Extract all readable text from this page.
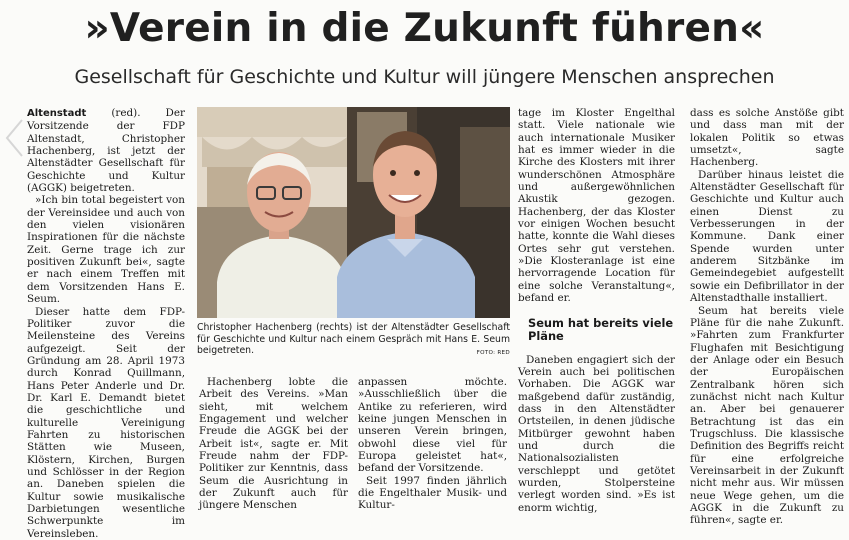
»Verein in die Zukunft führen«
Gesellschaft für Geschichte und Kultur will jüngere Menschen ansprechen

Altenstadt (red). Der Vorsitzende der FDP Altenstadt, Christopher Hachenberg, ist jetzt der Altenstädter Gesellschaft für Geschichte und Kultur (AGGK) beigetreten.

»Ich bin total begeistert von der Vereinsidee und auch von den vielen visionären Inspirationen für die nächste Zeit. Gerne trage ich zur positiven Zukunft bei«, sagte er nach einem Treffen mit dem Vorsitzenden Hans E. Seum.

Dieser hatte dem FDP-Politiker zuvor die Meilensteine des Vereins aufgezeigt. Seit der Gründung am 28. April 1973 durch Konrad Quillmann, Hans Peter Anderle und Dr. Dr. Karl E. Demandt bietet die geschichtliche und kulturelle Vereinigung Fahrten zu historischen Stätten wie Museen, Klöstern, Kirchen, Burgen und Schlösser in der Region an. Daneben spielen die Kultur sowie musikalische Darbietungen wesentliche Schwerpunkte im Vereinsleben.

Christopher Hachenberg (rechts) ist der Altenstädter Gesellschaft für Geschichte und Kultur nach einem Gespräch mit Hans E. Seum beigetreten.	FOTO: RED

Hachenberg lobte die Arbeit des Vereins. »Man sieht, mit welchem Engagement und welcher Freude die AGGK bei der Arbeit ist«, sagte er. Mit Freude nahm der FDP-Politiker zur Kenntnis, dass Seum die Ausrichtung in der Zukunft auch für jüngere Menschen

anpassen möchte. »Ausschließlich über die Antike zu referieren, wird keine jungen Menschen in unseren Verein bringen, obwohl diese viel für Europa geleistet hat«, befand der Vorsitzende.

Seit 1997 finden jährlich die Engelthaler Musik- und Kultur-

tage im Kloster Engelthal statt. Viele nationale wie auch internationale Musiker hat es immer wieder in die Kirche des Klosters mit ihrer wunderschönen Atmosphäre und außergewöhnlichen Akustik gezogen. Hachenberg, der das Kloster vor einigen Wochen besucht hatte, konnte die Wahl dieses Ortes sehr gut verstehen. »Die Klosteranlage ist eine hervorragende Location für eine solche Veranstaltung«, befand er.

Seum hat bereits viele Pläne

Daneben engagiert sich der Verein auch bei politischen Vorhaben. Die AGGK war maßgebend dafür zuständig, dass in den Altenstädter Ortsteilen, in denen jüdische Mitbürger gewohnt haben und durch die Nationalsozialisten verschleppt und getötet wurden, Stolpersteine verlegt worden sind. »Es ist enorm wichtig,

dass es solche Anstöße gibt und dass man mit der lokalen Politik so etwas umsetzt«, sagte Hachenberg.

Darüber hinaus leistet die Altenstädter Gesellschaft für Geschichte und Kultur auch einen Dienst zu Verbesserungen in der Kommune. Dank einer Spende wurden unter anderem Sitzbänke im Gemeindegebiet aufgestellt sowie ein Defibrillator in der Altenstadthalle installiert.

Seum hat bereits viele Pläne für die nahe Zukunft. »Fahrten zum Frankfurter Flughafen mit Besichtigung der Anlage oder ein Besuch der Europäischen Zentralbank hören sich zunächst nicht nach Kultur an. Aber bei genauerer Betrachtung ist das ein Trugschluss. Die klassische Definition des Begriffs reicht für eine erfolgreiche Vereinsarbeit in der Zukunft nicht mehr aus. Wir müssen neue Wege gehen, um die AGGK in die Zukunft zu führen«, sagte er.
